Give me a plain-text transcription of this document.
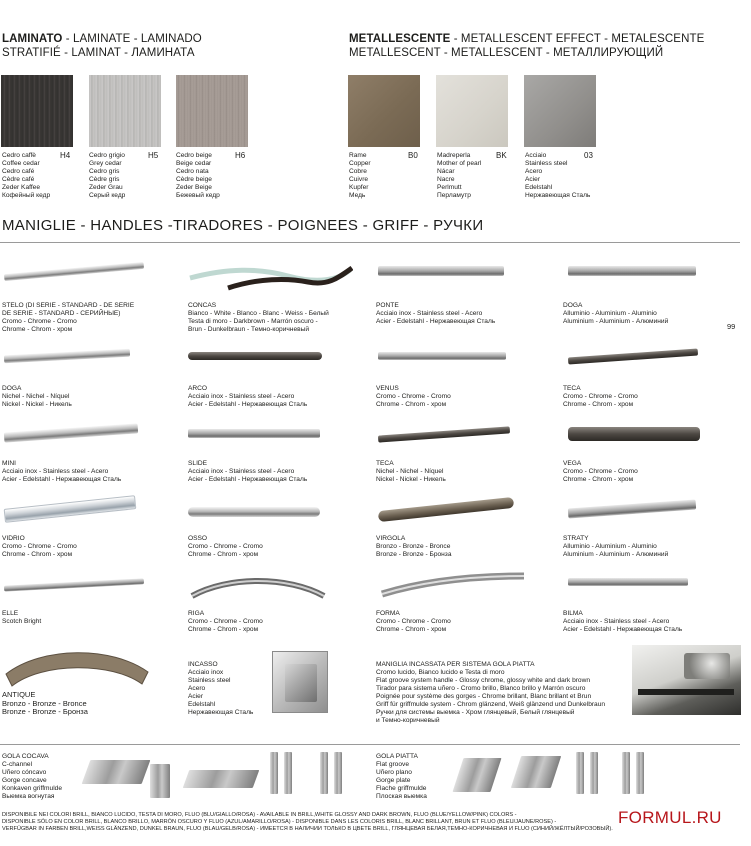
LAMINATO - LAMINATE - LAMINADO
STRATIFIÉ - LAMINAT - ЛАМИНАТА
METALLESCENTE - METALLESCENT EFFECT - METALESCENTE
METALLESCENT - METALLESCENT - МЕТАЛЛИРУЮЩИЙ
H4
Cedro caffè
Coffee cedar
Cedro café
Cèdre café
Zeder Kaffee
Кофейный кедр
H5
Cedro grigio
Grey cedar
Cedro gris
Cèdre gris
Zeder Grau
Серый кедр
H6
Cedro beige
Beige cedar
Cedro nata
Cèdre beige
Zeder Beige
Бежевый кедр
B0
Rame
Copper
Cobre
Cuivre
Kupfer
Медь
BK
Madreperla
Mother of pearl
Nácar
Nacre
Perlmutt
Перламутр
03
Acciaio
Stainless steel
Acero
Acier
Edelstahl
Нержавеющая Сталь
MANIGLIE - HANDLES -TIRADORES - POIGNEES - GRIFF - РУЧКИ
99
STELO (DI SERIE - STANDARD - DE SERIE
DE SERIE - STANDARD - СЕРИЙНЫЕ)
Cromo - Chrome - Cromo
Chrome - Chrom - хром
CONCAS
Bianco - White - Blanco - Blanc - Weiss - Белый
Testa di moro - Darkbrown - Marrón oscuro -
Brun - Dunkelbraun - Темно-коричневый
PONTE
Acciaio inox - Stainless steel - Acero
Acier - Edelstahl - Нержавеющая Сталь
DOGA
Alluminio - Aluminium - Aluminio
Aluminium - Aluminium - Алюминий
DOGA
Nichel - Nichel - Níquel
Nickel - Nickel - Никель
ARCO
Acciaio inox - Stainless steel - Acero
Acier - Edelstahl - Нержавеющая Сталь
VENUS
Cromo - Chrome - Cromo
Chrome - Chrom - хром
TECA
Cromo - Chrome - Cromo
Chrome - Chrom - хром
MINI
Acciaio inox - Stainless steel - Acero
Acier - Edelstahl - Нержавеющая Сталь
SLIDE
Acciaio inox - Stainless steel - Acero
Acier - Edelstahl - Нержавеющая Сталь
TECA
Nichel - Nichel - Níquel
Nickel - Nickel - Никель
VEGA
Cromo - Chrome - Cromo
Chrome - Chrom - хром
VIDRIO
Cromo - Chrome - Cromo
Chrome - Chrom - хром
OSSO
Cromo - Chrome - Cromo
Chrome - Chrom - хром
VIRGOLA
Bronzo - Bronze - Bronce
Bronze - Bronze - Бронза
STRATY
Alluminio - Aluminium - Aluminio
Aluminium - Aluminium - Алюминий
ELLE
Scotch Bright
RIGA
Cromo - Chrome - Cromo
Chrome - Chrom - хром
FORMA
Cromo - Chrome - Cromo
Chrome - Chrom - хром
BILMA
Acciaio inox - Stainless steel - Acero
Acier - Edelstahl - Нержавеющая Сталь
ANTIQUE
Bronzo - Bronze - Bronce
Bronze - Bronze - Бронза
INCASSO
Acciaio inox
Stainless steel
Acero
Acier
Edelstahl
Нержавеющая Сталь
MANIGLIA INCASSATA PER SISTEMA GOLA PIATTA
Cromo lucido, Bianco lucido e Testa di moro
Flat groove system handle - Glossy chrome, glossy white and dark brown
Tirador para sistema uñero - Cromo brillo, Blanco brillo y Marrón oscuro
Poignée pour système des gorges - Chrome brillant, Blanc brillant et Brun
Griff für griffmulde system - Chrom glänzend, Weiß glänzend und Dunkelbraun
Ручки для системы выемка - Хром глянцевый, Белый глянцевый
и Темно-коричневый
GOLA COCAVA
C-channel
Uñero cóncavo
Gorge concave
Konkaven griffmulde
Выемка вогнутая
GOLA PIATTA
Flat groove
Uñero plano
Gorge plate
Flache griffmulde
Плоская выемка
FORMUL.RU
DISPONIBILE NEI COLORI BRILL, BIANCO LUCIDO, TESTA DI MORO, FLUO (BLU/GIALLO/ROSA) - AVAILABLE IN BRILL,WHITE GLOSSY AND DARK BROWN, FLUO (BLUE/YELLOW/PINK) COLORS -
DISPONIBLE SÓLO EN COLOR BRILL, BLANCO BRILLO, MARRÓN OSCURO Y FLUO (AZUL/AMARILLO/ROSA) - DISPONIBLE DANS LES COLORIS BRILL, BLANC BRILLANT, BRUN ET FLUO (BLEU/JAUNE/ROSE) -
VERFÜGBAR IN FARBEN BRILL,WEISS GLÄNZEND, DUNKEL BRAUN, FLUO (BLAU/GELB/ROSA) - ИМЕЕТСЯ В НАЛИЧИИ ТОЛЬКО В ЦВЕТЕ BRILL, ГЛЯНЦЕВАЯ БЕЛАЯ,ТЕМНО-КОРИЧНЕВАЯ И FLUO (СИНИЙ/ЖЁЛТЫЙ/РОЗОВЫЙ).
